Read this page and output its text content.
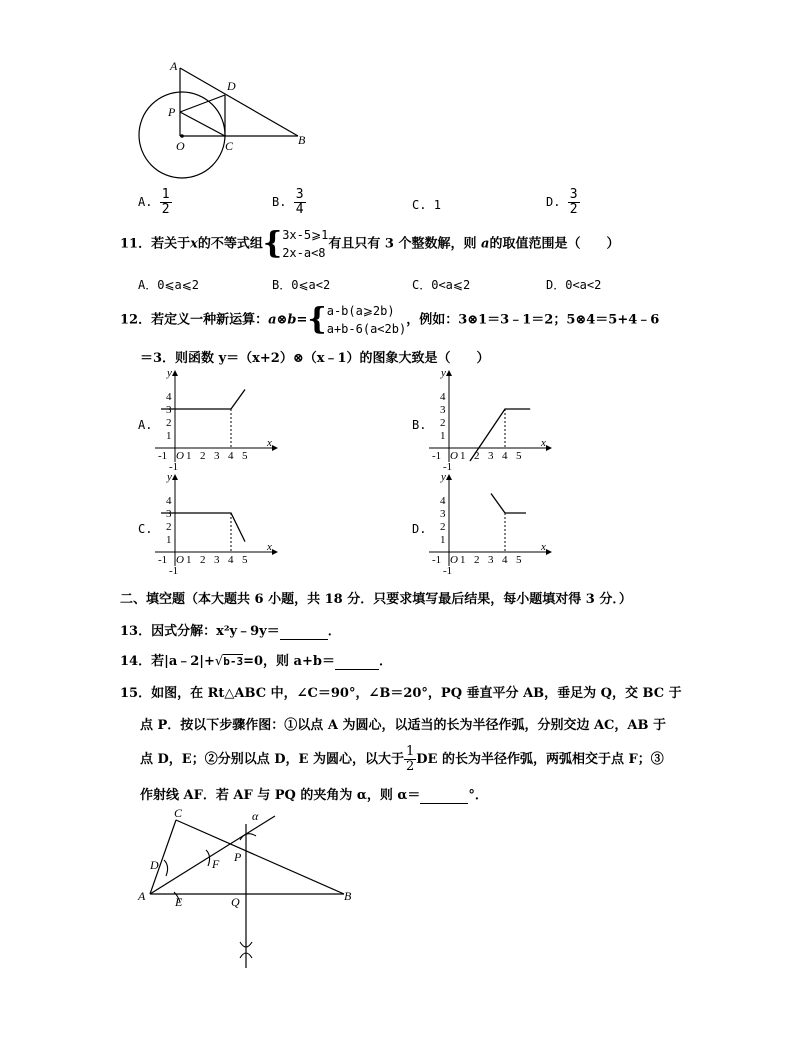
A
D
P
O	C	B
A. $\frac{1}{2}$	B. $\frac{3}{4}$	C. 1	D. $\frac{3}{2}$
11．若关于x的不等式组{ 3x-5⩾1
2x-a<8
有且只有 3 个整数解，则 a的取值范围是（　　）
A．0⩽a⩽2	B．0⩽a<2	C．0<a⩽2	D．0<a<2
12．若定义一种新运算：a⊗b={ a-b(a⩾2b)
a+b-6(a<2b)
，例如：3⊗1＝3﹣1＝2；5⊗4＝5+4﹣6
＝3．则函数 y＝（x+2）⊗（x﹣1）的图象大致是（　　）
A.	B.
C.	D.
-1 1 2 3 4 5
1
2
3
4
O
x
y
-1
-1 1 2 3 4 5
1
2
3
4
O
x
y
-1
-1 1 2 3 4 5
1
2
3
4
O
x
y
-1
-1 1 2 3 4 5
1
2
3
4
O
x
y
-1
二、填空题（本大题共 6 小题，共 18 分．只要求填写最后结果，每小题填对得 3 分．）
13．因式分解：x²y﹣9y＝	．
14．若|a﹣2|+√b-3=0，则 a+b＝	．
15．如图，在 Rt△ABC 中，∠C＝90°，∠B＝20°，PQ 垂直平分 AB，垂足为 Q，交 BC 于
点 P．按以下步骤作图：①以点 A 为圆心，以适当的长为半径作弧，分别交边 AC，AB 于
点 D，E；②分别以点 D，E 为圆心，以大于 $\frac{1}{2}$ DE 的长为半径作弧，两弧相交于点 F；③
作射线 AF．若 AF 与 PQ 的夹角为 α，则 α＝	°．
C
D	F P
A E	Q	B
α
